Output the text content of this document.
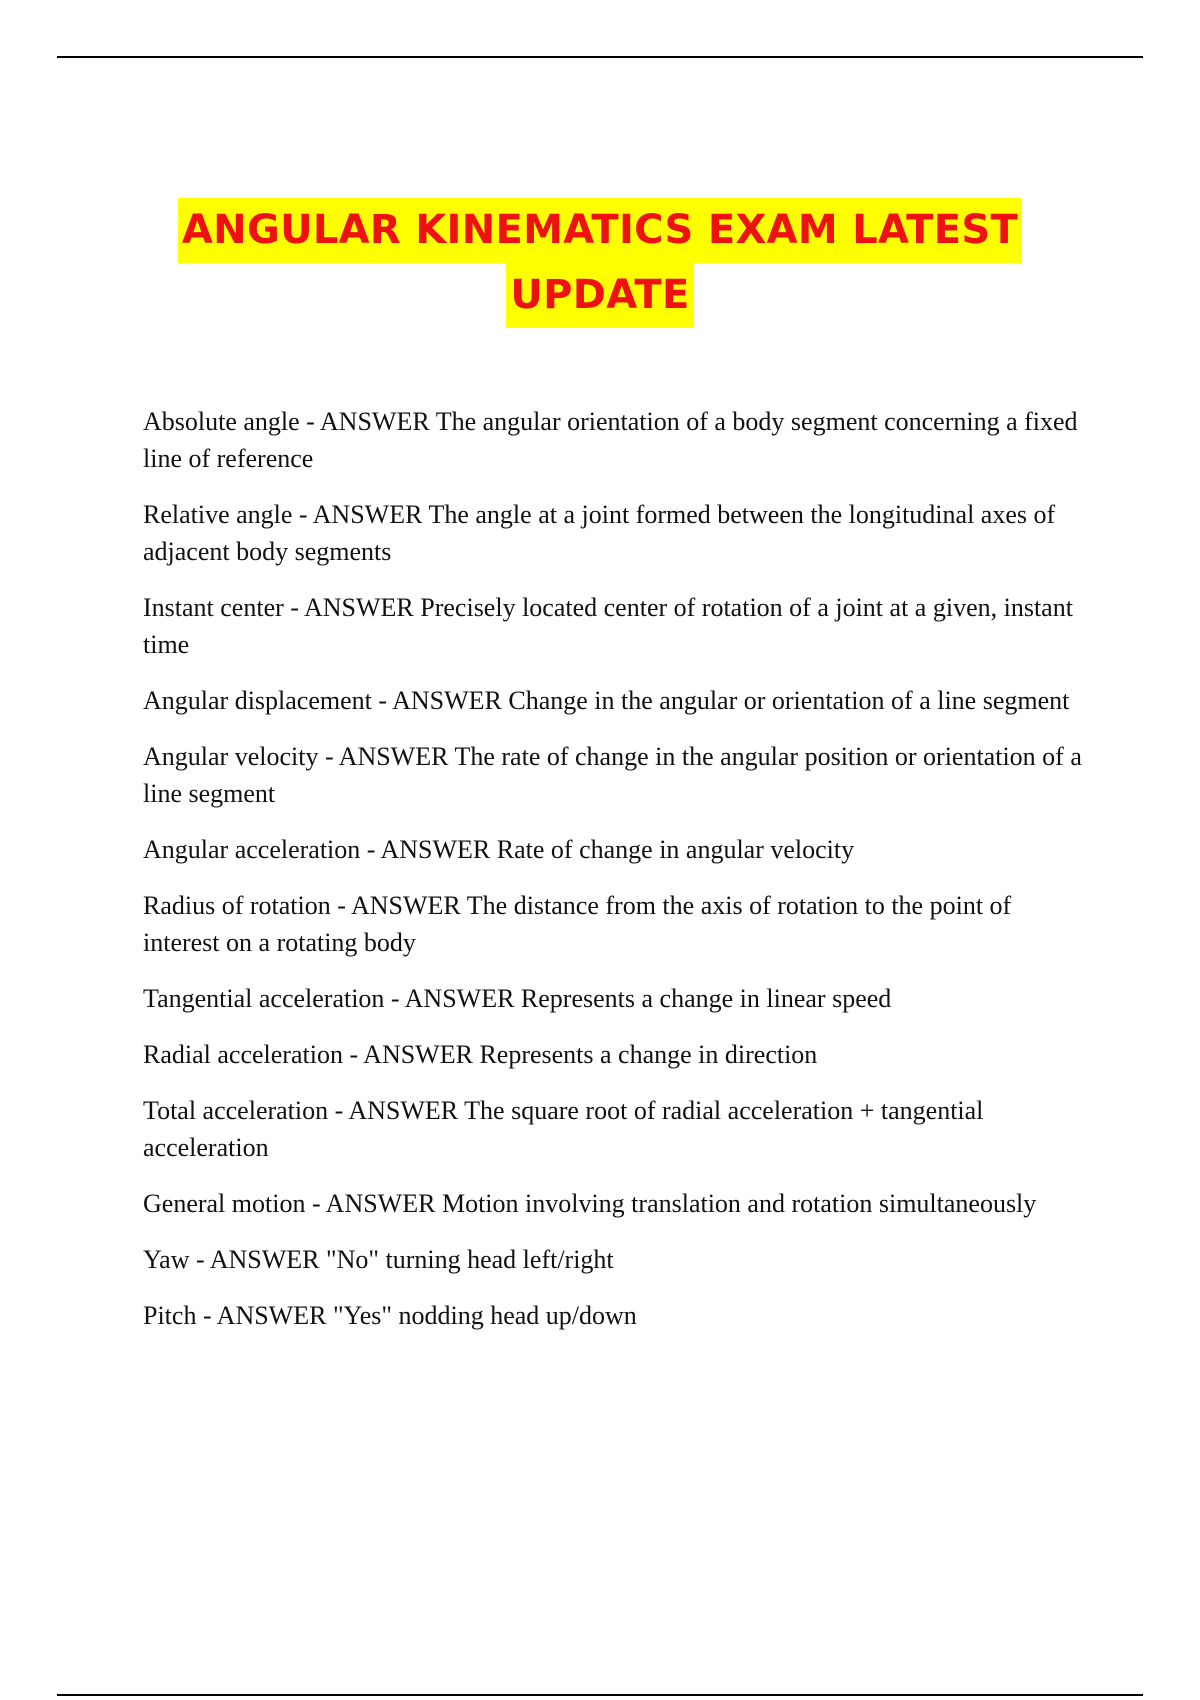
ANGULAR KINEMATICS EXAM LATEST
UPDATE
Absolute angle - ANSWER The angular orientation of a body segment concerning a fixed line of reference
Relative angle - ANSWER The angle at a joint formed between the longitudinal axes of adjacent body segments
Instant center - ANSWER Precisely located center of rotation of a joint at a given, instant time
Angular displacement - ANSWER Change in the angular or orientation of a line segment
Angular velocity - ANSWER The rate of change in the angular position or orientation of a line segment
Angular acceleration - ANSWER Rate of change in angular velocity
Radius of rotation - ANSWER The distance from the axis of rotation to the point of interest on a rotating body
Tangential acceleration - ANSWER Represents a change in linear speed
Radial acceleration - ANSWER Represents a change in direction
Total acceleration - ANSWER The square root of radial acceleration + tangential acceleration
General motion - ANSWER Motion involving translation and rotation simultaneously
Yaw - ANSWER "No" turning head left/right
Pitch - ANSWER "Yes" nodding head up/down
